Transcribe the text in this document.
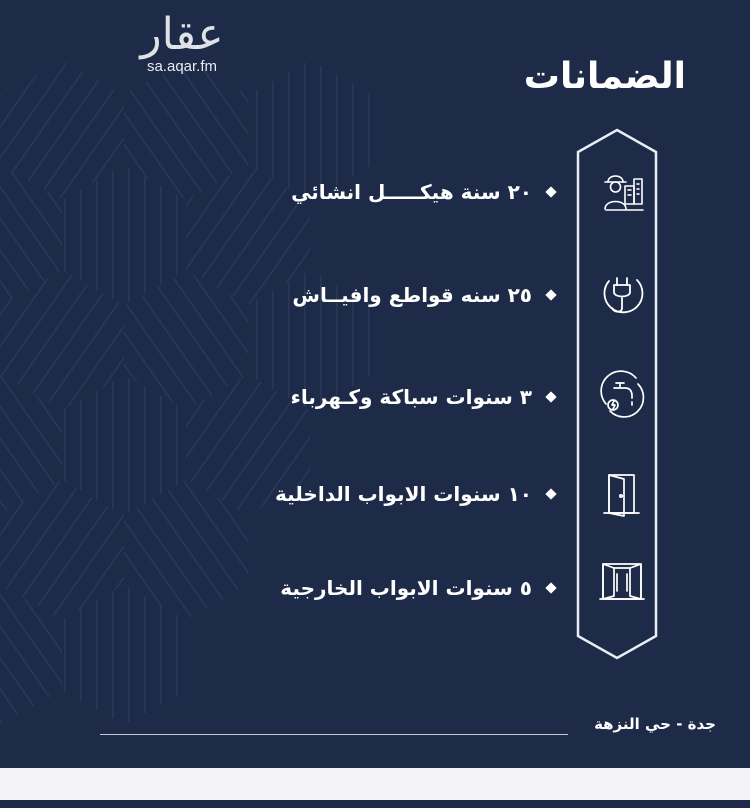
عقار
sa.aqar.fm	الضمانات
٢٠ سنة هيكـــــل انشائي
٢٥ سنه قواطع وافيــاش
٣ سنوات سباكة وكـهرباء
١٠ سنوات الابواب الداخلية
٥ سنوات الابواب الخارجية
جدة - حي النزهة
